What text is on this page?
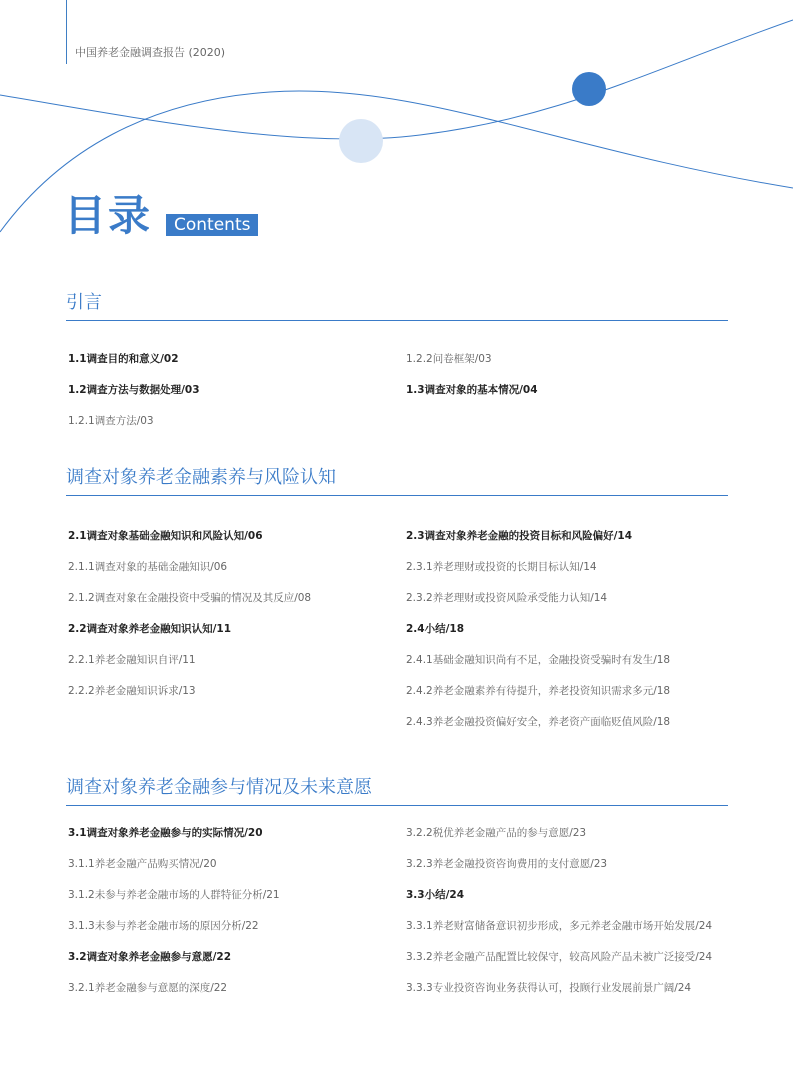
中国养老金融调查报告 (2020)
目录	Contents
引言
1.1调查目的和意义/02
1.2调查方法与数据处理/03
1.2.1调查方法/03
1.2.2问卷框架/03
1.3调查对象的基本情况/04
调查对象养老金融素养与风险认知
2.1调查对象基础金融知识和风险认知/06
2.1.1调查对象的基础金融知识/06
2.1.2调查对象在金融投资中受骗的情况及其反应/08
2.2调查对象养老金融知识认知/11
2.2.1养老金融知识自评/11
2.2.2养老金融知识诉求/13
2.3调查对象养老金融的投资目标和风险偏好/14
2.3.1养老理财或投资的长期目标认知/14
2.3.2养老理财或投资风险承受能力认知/14
2.4小结/18
2.4.1基础金融知识尚有不足，金融投资受骗时有发生/18
2.4.2养老金融素养有待提升，养老投资知识需求多元/18
2.4.3养老金融投资偏好安全，养老资产面临贬值风险/18
调查对象养老金融参与情况及未来意愿
3.1调查对象养老金融参与的实际情况/20
3.1.1养老金融产品购买情况/20
3.1.2未参与养老金融市场的人群特征分析/21
3.1.3未参与养老金融市场的原因分析/22
3.2调查对象养老金融参与意愿/22
3.2.1养老金融参与意愿的深度/22
3.2.2税优养老金融产品的参与意愿/23
3.2.3养老金融投资咨询费用的支付意愿/23
3.3小结/24
3.3.1养老财富储备意识初步形成，多元养老金融市场开始发展/24
3.3.2养老金融产品配置比较保守，较高风险产品未被广泛接受/24
3.3.3专业投资咨询业务获得认可，投顾行业发展前景广阔/24
